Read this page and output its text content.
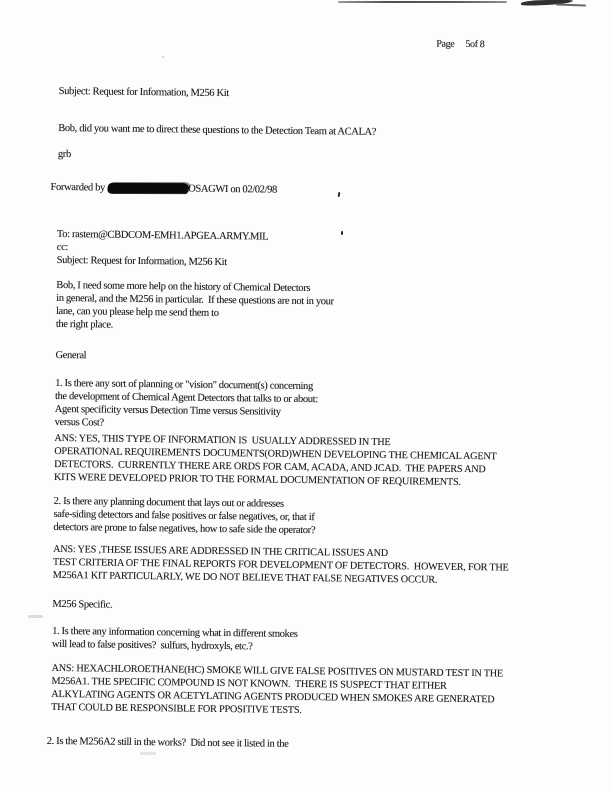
Page 5of 8
Subject: Request for Information, M256 Kit
Bob, did you want me to direct these questions to the Detection Team at ACALA?
grb
Forwarded by	OSAGWI on 02/02/98
To: rastern@CBDCOM-EMH1.APGEA.ARMY.MIL
cc:
Subject: Request for Information, M256 Kit
Bob, I need some more help on the history of Chemical Detectors
in general, and the M256 in particular.  If these questions are not in your
lane, can you please help me send them to
the right place.
General
1. Is there any sort of planning or "vision" document(s) concerning
the development of Chemical Agent Detectors that talks to or about:
Agent specificity versus Detection Time versus Sensitivity
versus Cost?
ANS: YES, THIS TYPE OF INFORMATION IS  USUALLY ADDRESSED IN THE
OPERATIONAL REQUIREMENTS DOCUMENTS(ORD)WHEN DEVELOPING THE CHEMICAL AGENT
DETECTORS.  CURRENTLY THERE ARE ORDS FOR CAM, ACADA, AND JCAD.  THE PAPERS AND
KITS WERE DEVELOPED PRIOR TO THE FORMAL DOCUMENTATION OF REQUIREMENTS.
2. Is there any planning document that lays out or addresses
safe-siding detectors and false positives or false negatives, or, that if
detectors are prone to false negatives, how to safe side the operator?
ANS: YES ,THESE ISSUES ARE ADDRESSED IN THE CRITICAL ISSUES AND
TEST CRITERIA OF THE FINAL REPORTS FOR DEVELOPMENT OF DETECTORS.  HOWEVER, FOR THE
M256A1 KIT PARTICULARLY, WE DO NOT BELIEVE THAT FALSE NEGATIVES OCCUR.
M256 Specific.
1. Is there any information concerning what in different smokes
will lead to false positives?  sulfurs, hydroxyls, etc.?
ANS: HEXACHLOROETHANE(HC) SMOKE WILL GIVE FALSE POSITIVES ON MUSTARD TEST IN THE
M256A1. THE SPECIFIC COMPOUND IS NOT KNOWN.  THERE IS SUSPECT THAT EITHER
ALKYLATING AGENTS OR ACETYLATING AGENTS PRODUCED WHEN SMOKES ARE GENERATED
THAT COULD BE RESPONSIBLE FOR PPOSITIVE TESTS.
2. Is the M256A2 still in the works?  Did not see it listed in the
